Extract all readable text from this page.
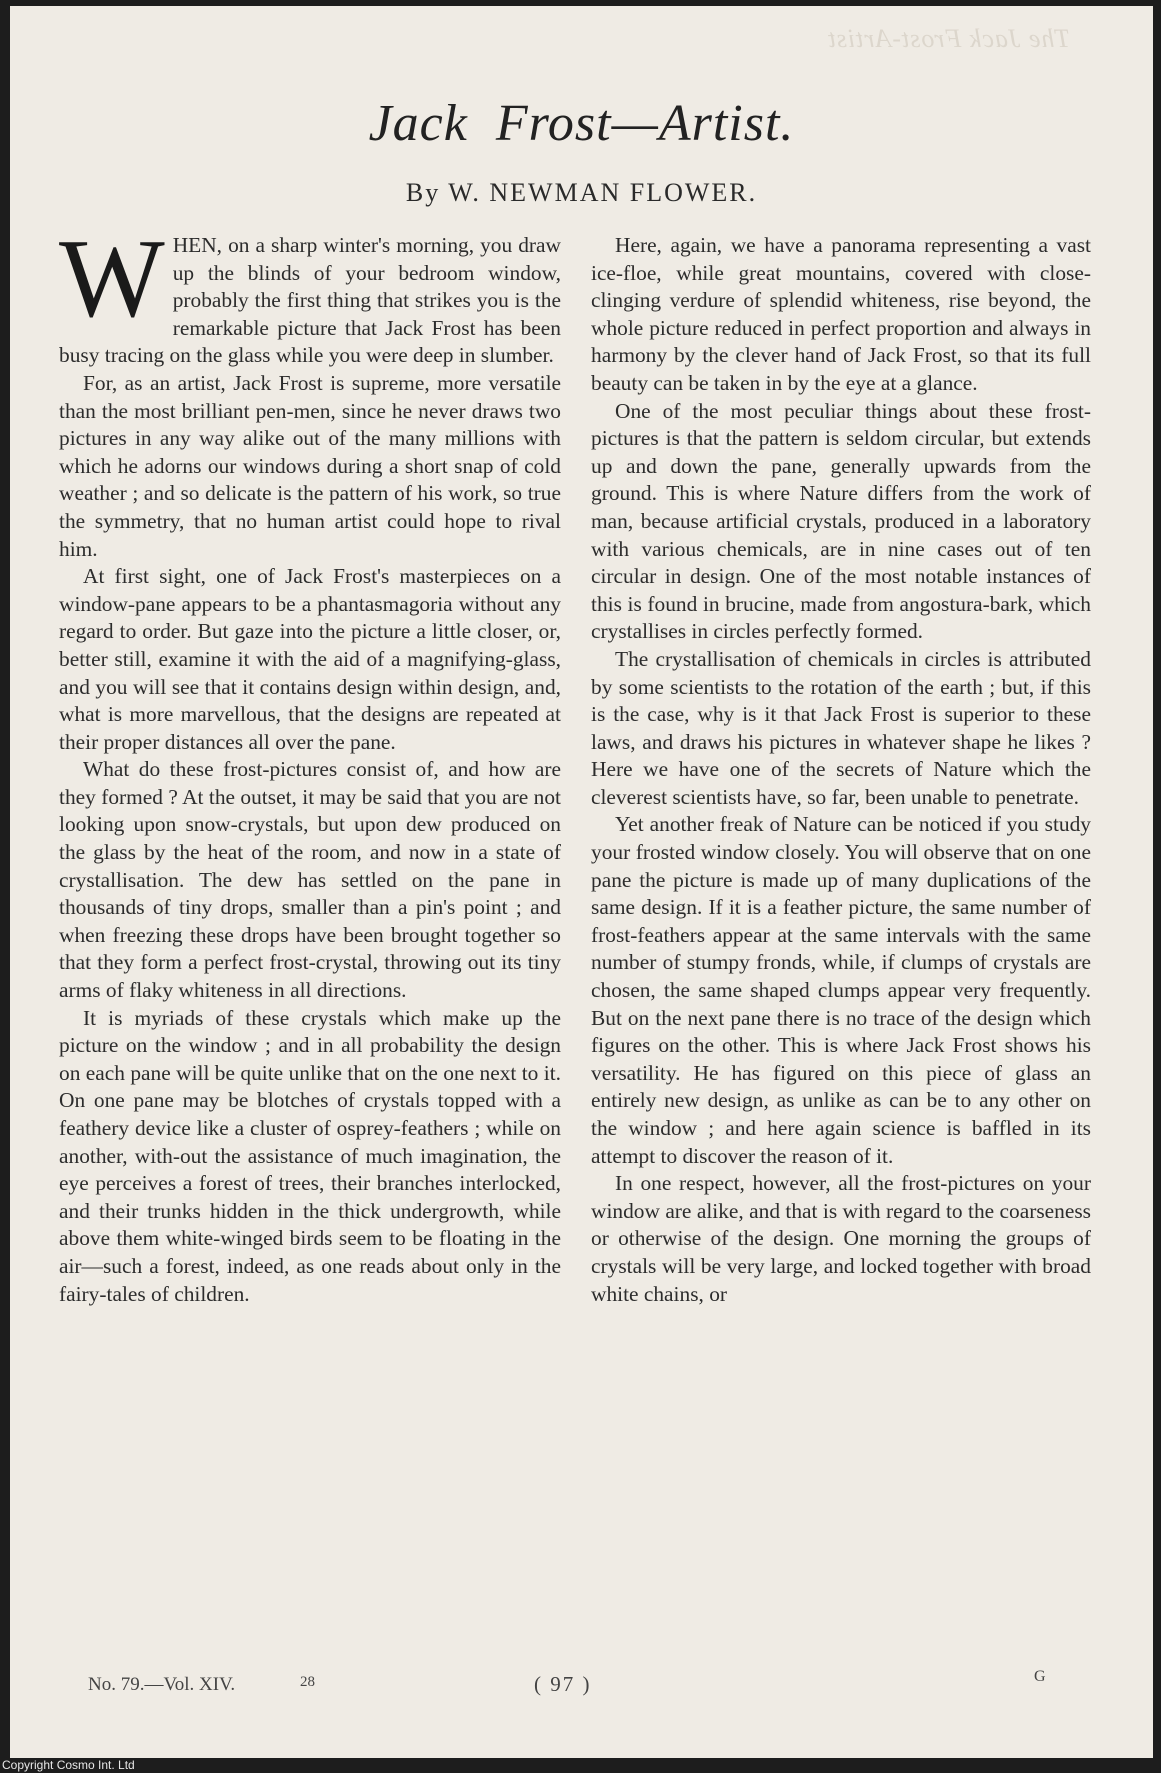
The Jack Frost-Artist
Jack Frost—Artist.
By W. NEWMAN FLOWER.

WHEN, on a sharp winter's morning, you draw up the blinds of your bedroom window, probably the first thing that strikes you is the remarkable picture that Jack Frost has been busy tracing on the glass while you were deep in slumber.

For, as an artist, Jack Frost is supreme, more versatile than the most brilliant pen-men, since he never draws two pictures in any way alike out of the many millions with which he adorns our windows during a short snap of cold weather ; and so delicate is the pattern of his work, so true the symmetry, that no human artist could hope to rival him.

At first sight, one of Jack Frost's masterpieces on a window-pane appears to be a phantasmagoria without any regard to order. But gaze into the picture a little closer, or, better still, examine it with the aid of a magnifying-glass, and you will see that it contains design within design, and, what is more marvellous, that the designs are repeated at their proper distances all over the pane.

What do these frost-pictures consist of, and how are they formed ? At the outset, it may be said that you are not looking upon snow-crystals, but upon dew produced on the glass by the heat of the room, and now in a state of crystallisation. The dew has settled on the pane in thousands of tiny drops, smaller than a pin's point ; and when freezing these drops have been brought together so that they form a perfect frost-crystal, throwing out its tiny arms of flaky whiteness in all directions.

It is myriads of these crystals which make up the picture on the window ; and in all probability the design on each pane will be quite unlike that on the one next to it. On one pane may be blotches of crystals topped with a feathery device like a cluster of osprey-feathers ; while on another, with-out the assistance of much imagination, the eye perceives a forest of trees, their branches interlocked, and their trunks hidden in the thick undergrowth, while above them white-winged birds seem to be floating in the air—such a forest, indeed, as one reads about only in the fairy-tales of children.

Here, again, we have a panorama representing a vast ice-floe, while great mountains, covered with close-clinging verdure of splendid whiteness, rise beyond, the whole picture reduced in perfect proportion and always in harmony by the clever hand of Jack Frost, so that its full beauty can be taken in by the eye at a glance.

One of the most peculiar things about these frost-pictures is that the pattern is seldom circular, but extends up and down the pane, generally upwards from the ground. This is where Nature differs from the work of man, because artificial crystals, produced in a laboratory with various chemicals, are in nine cases out of ten circular in design. One of the most notable instances of this is found in brucine, made from angostura-bark, which crystallises in circles perfectly formed.

The crystallisation of chemicals in circles is attributed by some scientists to the rotation of the earth ; but, if this is the case, why is it that Jack Frost is superior to these laws, and draws his pictures in whatever shape he likes ? Here we have one of the secrets of Nature which the cleverest scientists have, so far, been unable to penetrate.

Yet another freak of Nature can be noticed if you study your frosted window closely. You will observe that on one pane the picture is made up of many duplications of the same design. If it is a feather picture, the same number of frost-feathers appear at the same intervals with the same number of stumpy fronds, while, if clumps of crystals are chosen, the same shaped clumps appear very frequently. But on the next pane there is no trace of the design which figures on the other. This is where Jack Frost shows his versatility. He has figured on this piece of glass an entirely new design, as unlike as can be to any other on the window ; and here again science is baffled in its attempt to discover the reason of it.

In one respect, however, all the frost-pictures on your window are alike, and that is with regard to the coarseness or otherwise of the design. One morning the groups of crystals will be very large, and locked together with broad white chains, or

No. 79.—Vol. XIV.	28	( 97 )	G
Copyright Cosmo Int. Ltd
